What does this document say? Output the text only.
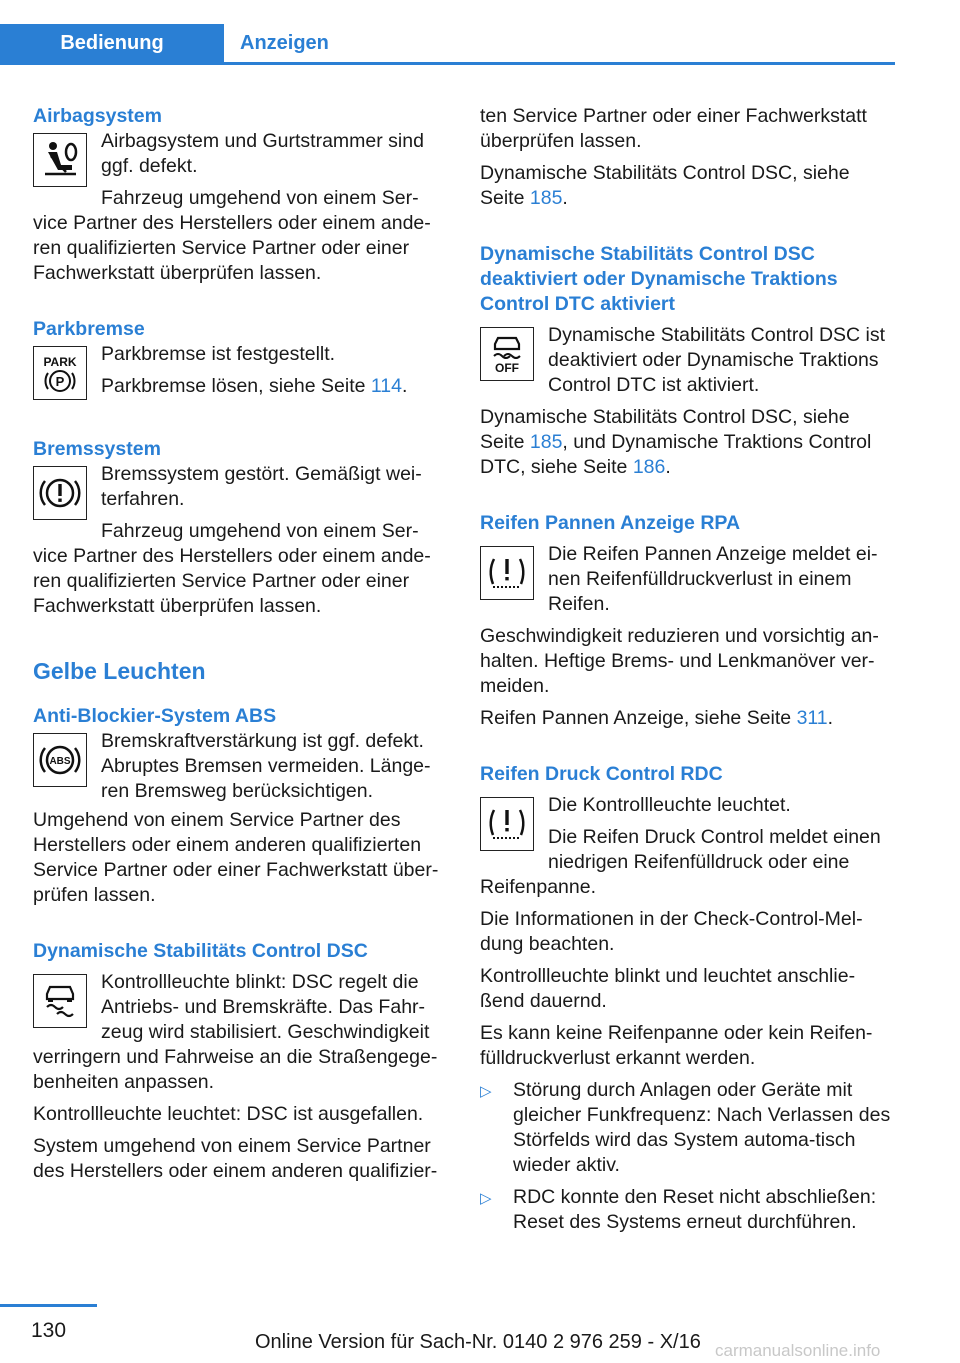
Bedienung	Anzeigen
Airbagsystem

Airbagsystem und Gurtstrammer sind ggf. defekt.

Fahrzeug umgehend von einem Ser‐vice Partner des Herstellers oder einem ande‐ren qualifizierten Service Partner oder einer Fachwerkstatt überprüfen lassen.

Parkbremse
PARK
P

Parkbremse ist festgestellt.

Parkbremse lösen, siehe Seite 114.

Bremssystem

Bremssystem gestört. Gemäßigt wei‐terfahren.

Fahrzeug umgehend von einem Ser‐vice Partner des Herstellers oder einem ande‐ren qualifizierten Service Partner oder einer Fachwerkstatt überprüfen lassen.

Gelbe Leuchten
Anti-Blockier-System ABS
ABS

Bremskraftverstärkung ist ggf. defekt. Abruptes Bremsen vermeiden. Länge‐ren Bremsweg berücksichtigen.

Umgehend von einem Service Partner des Herstellers oder einem anderen qualifizierten Service Partner oder einer Fachwerkstatt über‐prüfen lassen.

Dynamische Stabilitäts Control DSC

Kontrollleuchte blinkt: DSC regelt die Antriebs- und Bremskräfte. Das Fahr‐zeug wird stabilisiert. Geschwindigkeit verringern und Fahrweise an die Straßengege‐benheiten anpassen.

Kontrollleuchte leuchtet: DSC ist ausgefallen.

System umgehend von einem Service Partner des Herstellers oder einem anderen qualifizier‐

ten Service Partner oder einer Fachwerkstatt überprüfen lassen.

Dynamische Stabilitäts Control DSC, siehe Seite 185.

Dynamische Stabilitäts Control DSC deaktiviert oder Dynamische Traktions Control DTC aktiviert
OFF

Dynamische Stabilitäts Control DSC ist deaktiviert oder Dynamische Traktions Control DTC ist aktiviert.

Dynamische Stabilitäts Control DSC, siehe Seite 185, und Dynamische Traktions Control DTC, siehe Seite 186.

Reifen Pannen Anzeige RPA

Die Reifen Pannen Anzeige meldet ei‐nen Reifenfülldruckverlust in einem Reifen.

Geschwindigkeit reduzieren und vorsichtig an‐halten. Heftige Brems- und Lenkmanöver ver‐meiden.

Reifen Pannen Anzeige, siehe Seite 311.

Reifen Druck Control RDC

Die Kontrollleuchte leuchtet.

Die Reifen Druck Control meldet einen niedrigen Reifenfülldruck oder eine Reifenpanne.

Die Informationen in der Check-Control-Mel‐dung beachten.

Kontrollleuchte blinkt und leuchtet anschlie‐ßend dauernd.

Es kann keine Reifenpanne oder kein Reifen‐fülldruckverlust erkannt werden.

▷ Störung durch Anlagen oder Geräte mit gleicher Funkfrequenz: Nach Verlassen des Störfelds wird das System automa‐tisch wieder aktiv.
▷ RDC konnte den Reset nicht abschließen: Reset des Systems erneut durchführen.
130	Online Version für Sach-Nr. 0140 2 976 259 - X/16 carmanualsonline.info
